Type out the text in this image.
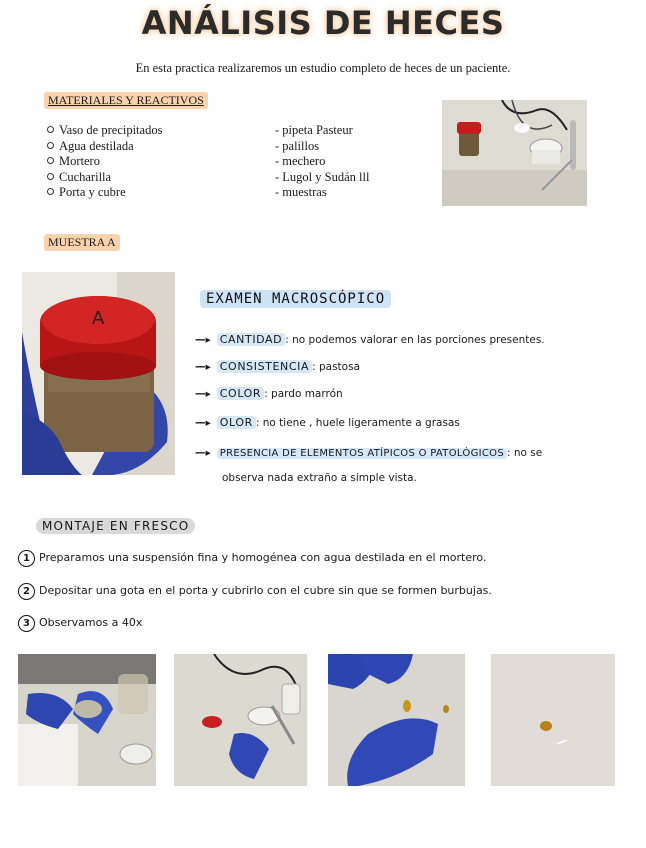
ANÁLISIS DE HECES
En esta practica realizaremos un estudio completo de heces de un paciente.
MATERIALES Y REACTIVOS
Vaso de precipitados
Agua destilada
Mortero
Cucharilla
Porta y cubre
- pipeta Pasteur
- palillos
- mechero
- Lugol y Sudán lll
- muestras
MUESTRA A
A
EXAMEN MACROSCÓPICO
—▸ CANTIDAD : no podemos valorar en las porciones presentes.
—▸ CONSISTENCIA : pastosa
—▸ COLOR : pardo marrón
—▸ OLOR : no tiene , huele ligeramente a grasas
—▸ PRESENCIA DE ELEMENTOS ATÍPICOS O PATOLÓGICOS : no se
observa nada extraño a simple vista.
MONTAJE EN FRESCO
1 Preparamos una suspensión fina y homogénea con agua destilada en el mortero.
2 Depositar una gota en el porta y cubrirlo con el cubre sin que se formen burbujas.
3 Observamos a 40x
